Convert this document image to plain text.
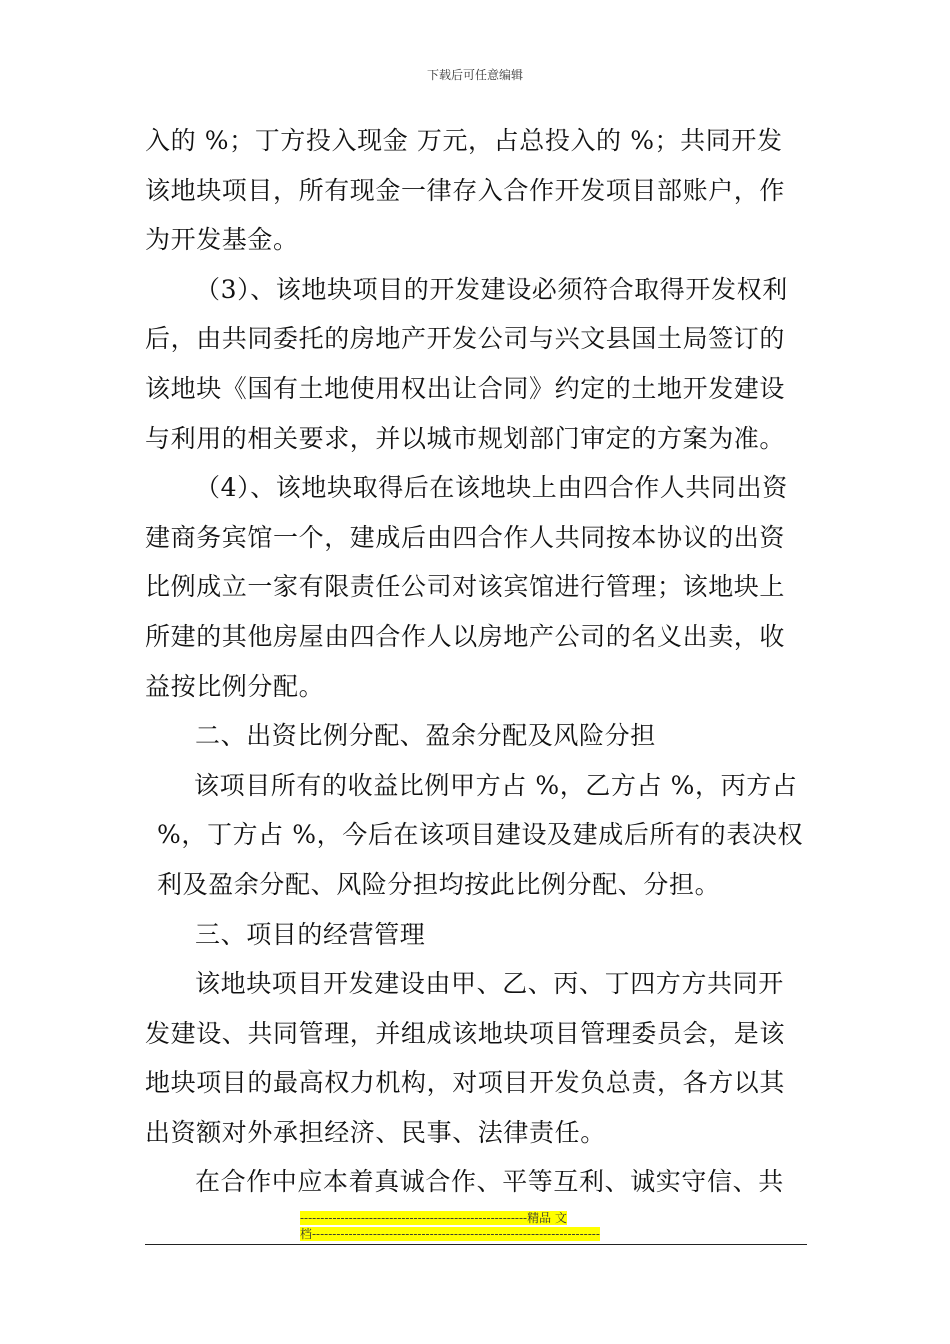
下载后可任意编辑

入的 %；丁方投入现金 万元，占总投入的 %；共同开发该地块项目，所有现金一律存入合作开发项目部账户，作为开发基金。

（3）、该地块项目的开发建设必须符合取得开发权利后，由共同委托的房地产开发公司与兴文县国土局签订的该地块《国有土地使用权出让合同》约定的土地开发建设与利用的相关要求，并以城市规划部门审定的方案为准。

（4）、该地块取得后在该地块上由四合作人共同出资建商务宾馆一个，建成后由四合作人共同按本协议的出资比例成立一家有限责任公司对该宾馆进行管理；该地块上所建的其他房屋由四合作人以房地产公司的名义出卖，收益按比例分配。

二、出资比例分配、盈余分配及风险分担

该项目所有的收益比例甲方占 %，乙方占 %，丙方占 %，丁方占 %，今后在该项目建设及建成后所有的表决权利及盈余分配、风险分担均按此比例分配、分担。

三、项目的经营管理

该地块项目开发建设由甲、乙、丙、丁四方方共同开发建设、共同管理，并组成该地块项目管理委员会，是该地块项目的最高权力机构，对项目开发负总责，各方以其出资额对外承担经济、民事、法律责任。

在合作中应本着真诚合作、平等互利、诚实守信、共

--------------------------------------------------------精品 文
档-----------------------------------------------------------------------
